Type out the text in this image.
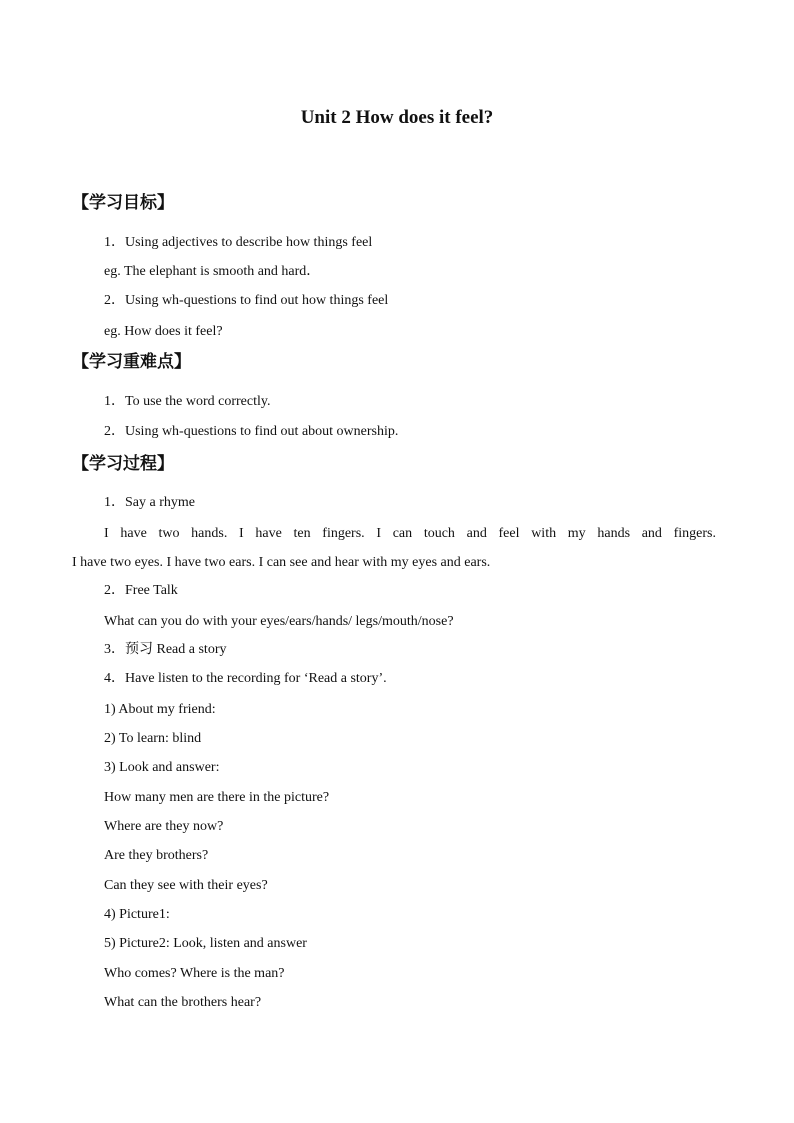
Unit 2 How does it feel?
【学习目标】
1．Using adjectives to describe how things feel
eg. The elephant is smooth and hard．
2．Using wh-questions to find out how things feel
eg. How does it feel?
【学习重难点】
1．To use the word correctly.
2．Using wh-questions to find out about ownership.
【学习过程】
1．Say a rhyme
I have two hands. I have ten fingers. I can touch and feel with my hands and fingers.
I have two eyes. I have two ears. I can see and hear with my eyes and ears.
2．Free Talk
What can you do with your eyes/ears/hands/ legs/mouth/nose?
3．预习 Read a story
4．Have listen to the recording for ‘Read a story’.
1) About my friend:
2) To learn: blind
3) Look and answer:
How many men are there in the picture?
Where are they now?
Are they brothers?
Can they see with their eyes?
4) Picture1:
5) Picture2: Look, listen and answer
Who comes? Where is the man?
What can the brothers hear?
